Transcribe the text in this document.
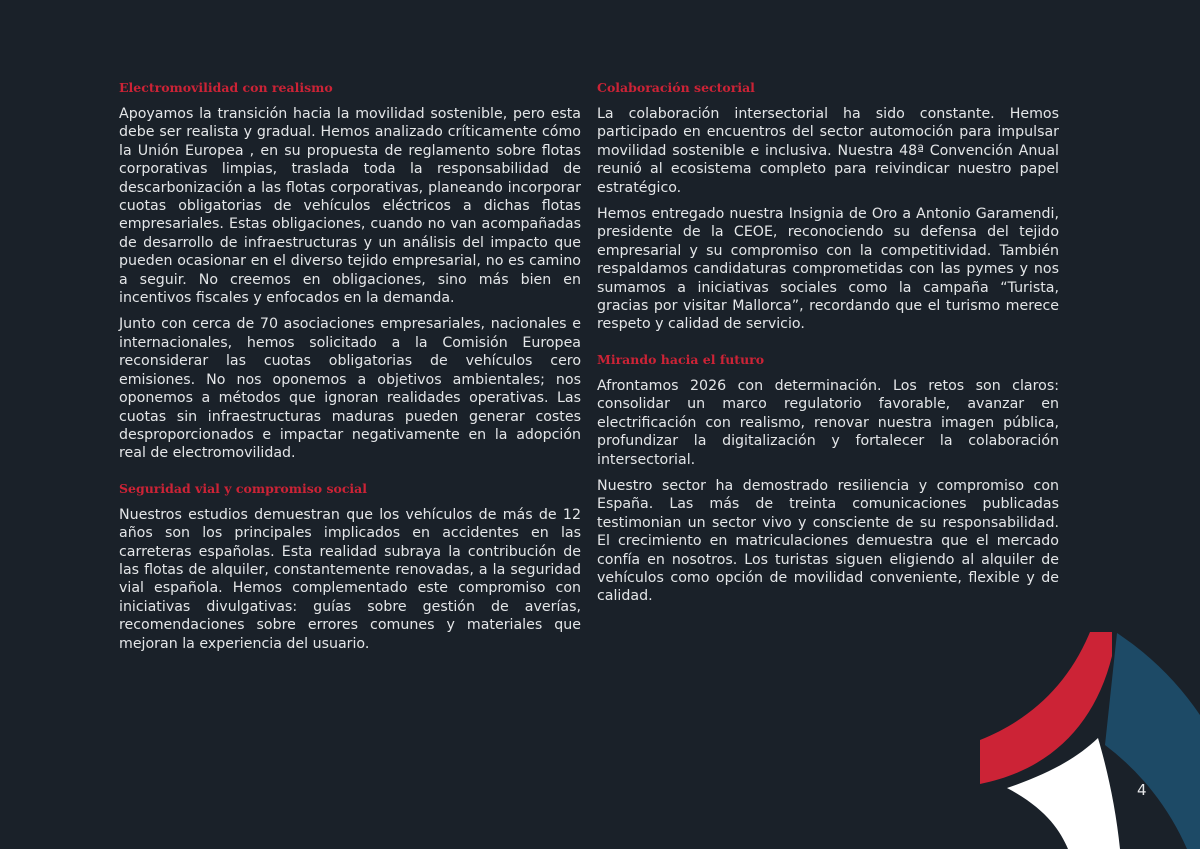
Electromovilidad con realismo

Apoyamos la transición hacia la movilidad sostenible, pero esta debe ser realista y gradual. Hemos analizado críticamente cómo la Unión Europea , en su propuesta de reglamento sobre flotas corporativas limpias, traslada toda la responsabilidad de descarbonización a las flotas corporativas, planeando incorporar cuotas obligatorias de vehículos eléctricos a dichas flotas empresariales. Estas obligaciones, cuando no van acompañadas de desarrollo de infraestructuras y un análisis del impacto que pueden ocasionar en el diverso tejido empresarial, no es camino a seguir. No creemos en obligaciones, sino más bien en incentivos fiscales y enfocados en la demanda.

Junto con cerca de 70 asociaciones empresariales, nacionales e internacionales, hemos solicitado a la Comisión Europea reconsiderar las cuotas obligatorias de vehículos cero emisiones. No nos oponemos a objetivos ambientales; nos oponemos a métodos que ignoran realidades operativas. Las cuotas sin infraestructuras maduras pueden generar costes desproporcionados e impactar negativamente en la adopción real de electromovilidad.

Seguridad vial y compromiso social

Nuestros estudios demuestran que los vehículos de más de 12 años son los principales implicados en accidentes en las carreteras españolas. Esta realidad subraya la contribución de las flotas de alquiler, constantemente renovadas, a la seguridad vial española. Hemos complementado este compromiso con iniciativas divulgativas: guías sobre gestión de averías, recomendaciones sobre errores comunes y materiales que mejoran la experiencia del usuario.

Colaboración sectorial

La colaboración intersectorial ha sido constante. Hemos participado en encuentros del sector automoción para impulsar movilidad sostenible e inclusiva. Nuestra 48ª Convención Anual reunió al ecosistema completo para reivindicar nuestro papel estratégico.

Hemos entregado nuestra Insignia de Oro a Antonio Garamendi, presidente de la CEOE, reconociendo su defensa del tejido empresarial y su compromiso con la competitividad. También respaldamos candidaturas comprometidas con las pymes y nos sumamos a iniciativas sociales como la campaña “Turista, gracias por visitar Mallorca”, recordando que el turismo merece respeto y calidad de servicio.

Mirando hacia el futuro

Afrontamos 2026 con determinación. Los retos son claros: consolidar un marco regulatorio favorable, avanzar en electrificación con realismo, renovar nuestra imagen pública, profundizar la digitalización y fortalecer la colaboración intersectorial.

Nuestro sector ha demostrado resiliencia y compromiso con España. Las más de treinta comunicaciones publicadas testimonian un sector vivo y consciente de su responsabilidad. El crecimiento en matriculaciones demuestra que el mercado confía en nosotros. Los turistas siguen eligiendo al alquiler de vehículos como opción de movilidad conveniente, flexible y de calidad.

4
